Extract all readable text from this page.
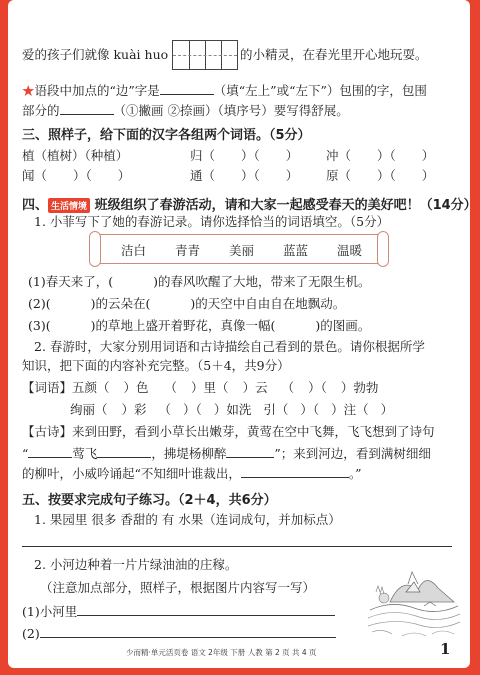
爱的孩子们就像 kuài huo	的小精灵，在春光里开心地玩耍。
★语段中加点的“边”字是	（填“左上”或“左下”）包围的字，包围
部分的	（①撇画 ②捺画）（填序号）要写得舒展。
三、照样子，给下面的汉字各组两个词语。（5分）
植（植树）（种植）	归（ ）（ ） 冲（ ）（ ）
闻（ ）（ ）	通（ ）（ ） 原（ ）（ ）
四、 生活情境 班级组织了春游活动，请和大家一起感受春天的美好吧！（14分）
1. 小菲写下了她的春游记录。请你选择恰当的词语填空。（5分）
洁白 青青 美丽 蓝蓝 温暖
(1)春天来了，(	)的春风吹醒了大地，带来了无限生机。
(2)(	)的云朵在(	)的天空中自由自在地飘动。
(3)(	)的草地上盛开着野花，真像一幅(	)的图画。
2. 春游时，大家分别用词语和古诗描绘自己看到的景色。请你根据所学
知识，把下面的内容补充完整。（5＋4，共9分）
【词语】五颜（ ）色 （ ）里（ ）云 （ ）（ ）勃勃
绚丽（ ）彩 （ ）（ ）如洗 引（ ）（ ）注（ ）
【古诗】来到田野，看到小草长出嫩芽，黄莺在空中飞舞，飞飞想到了诗句
“	莺飞	，拂堤杨柳醉	”；来到河边，看到满树细细
的柳叶，小威吟诵起“不知细叶谁裁出，	。”
五、按要求完成句子练习。（2＋4，共6分）
1. 果园里 很多 香甜的 有 水果（连词成句，并加标点）
2. 小河边种着一片片绿油油的庄稼。
（注意加点部分，照样子，根据图片内容写一写）
(1)小河里
(2)
少而精·单元活页卷 语文 2年级 下册 人教 第 2 页 共 4 页	1
